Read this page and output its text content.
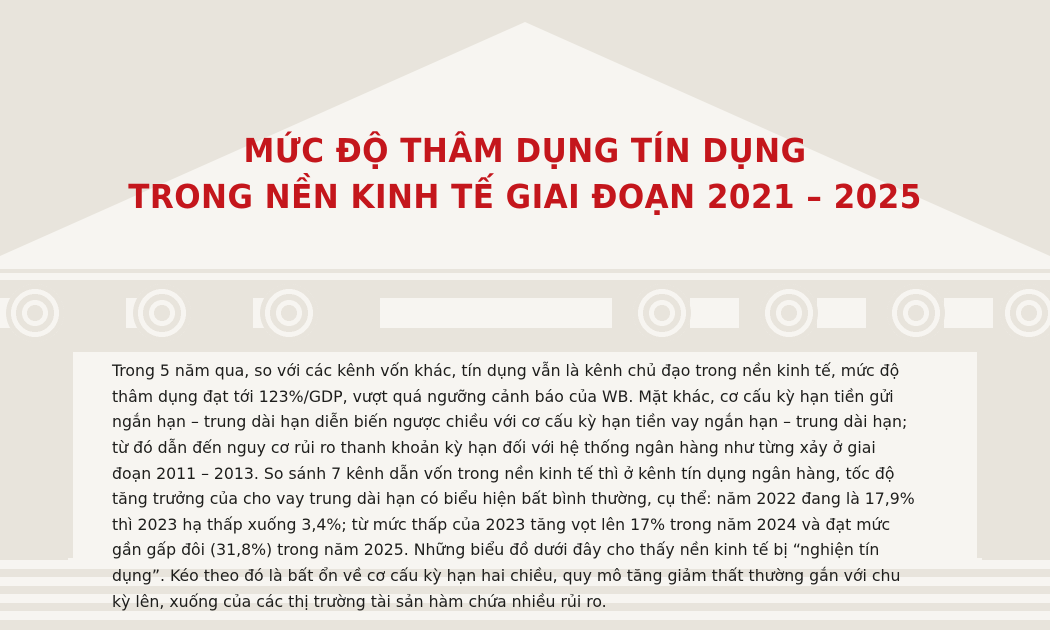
MỨC ĐỘ THÂM DỤNG TÍN DỤNG
TRONG NỀN KINH TẾ GIAI ĐOẠN 2021 – 2025

Trong 5 năm qua, so với các kênh vốn khác, tín dụng vẫn là kênh chủ đạo trong nền kinh tế, mức độ thâm dụng đạt tới 123%/GDP, vượt quá ngưỡng cảnh báo của WB. Mặt khác, cơ cấu kỳ hạn tiền gửi ngắn hạn – trung dài hạn diễn biến ngược chiều với cơ cấu kỳ hạn tiền vay ngắn hạn – trung dài hạn; từ đó dẫn đến nguy cơ rủi ro thanh khoản kỳ hạn đối với hệ thống ngân hàng như từng xảy ở giai đoạn 2011 – 2013. So sánh 7 kênh dẫn vốn trong nền kinh tế thì ở kênh tín dụng ngân hàng, tốc độ tăng trưởng của cho vay trung dài hạn có biểu hiện bất bình thường, cụ thể: năm 2022 đang là 17,9% thì 2023 hạ thấp xuống 3,4%; từ mức thấp của 2023 tăng vọt lên 17% trong năm 2024 và đạt mức gần gấp đôi (31,8%) trong năm 2025. Những biểu đồ dưới đây cho thấy nền kinh tế bị “nghiện tín dụng”. Kéo theo đó là bất ổn về cơ cấu kỳ hạn hai chiều, quy mô tăng giảm thất thường gắn với chu kỳ lên, xuống của các thị trường tài sản hàm chứa nhiều rủi ro.
